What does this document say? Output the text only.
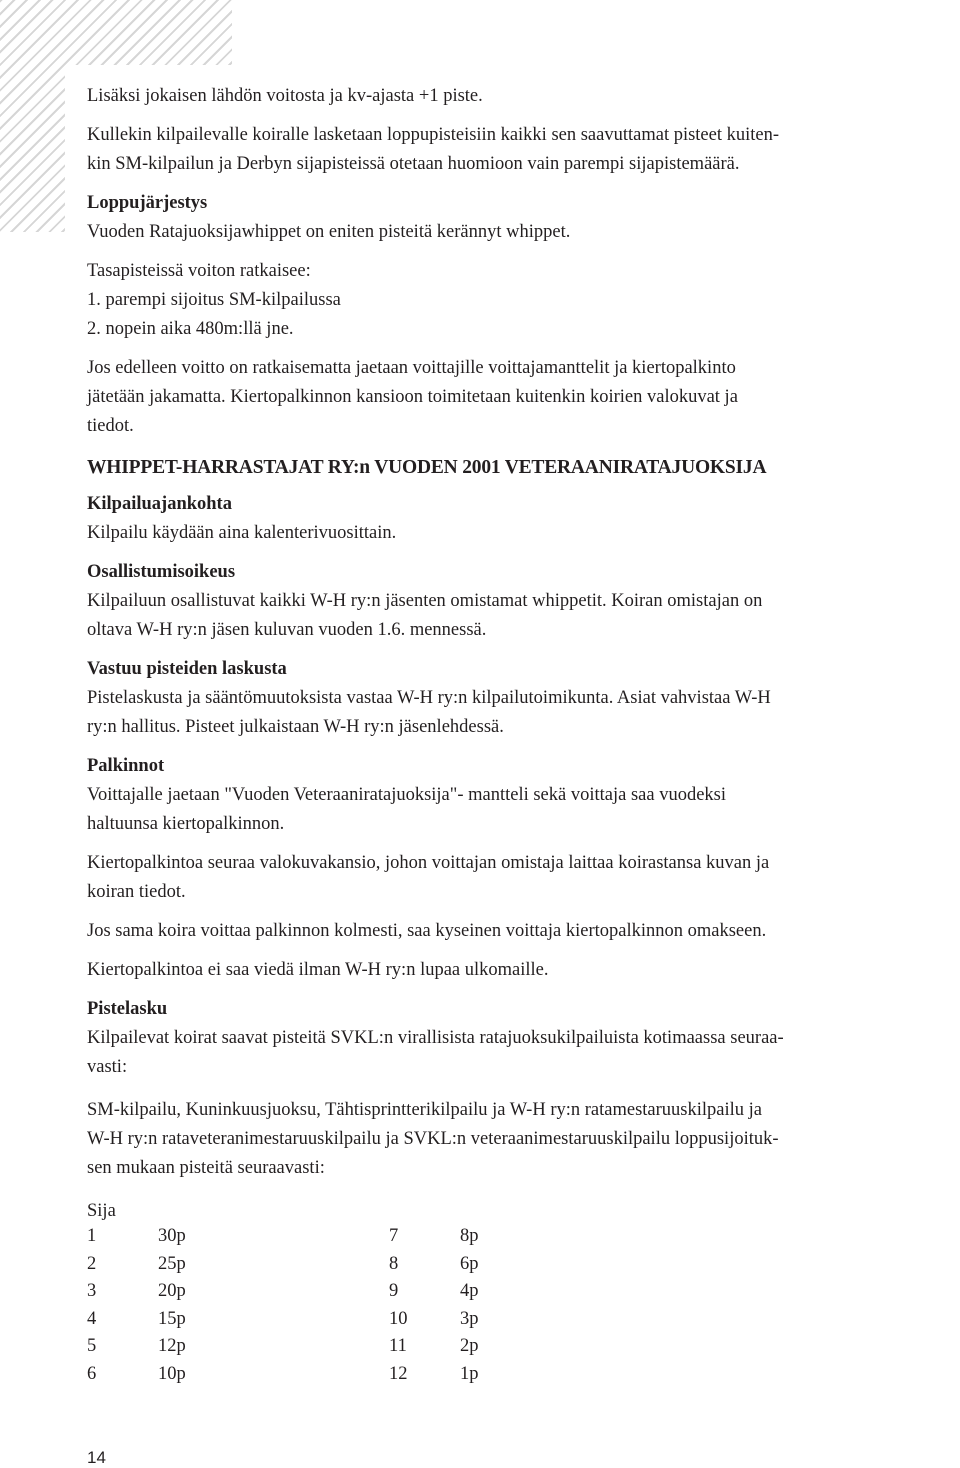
Lisäksi jokaisen lähdön voitosta ja kv-ajasta +1 piste.

Kullekin kilpailevalle koiralle lasketaan loppupisteisiin kaikki sen saavuttamat pisteet kuiten-

kin SM-kilpailun ja Derbyn sijapisteissä otetaan huomioon vain parempi sijapistemäärä.

Loppujärjestys

Vuoden Ratajuoksijawhippet on eniten pisteitä kerännyt whippet.

Tasapisteissä voiton ratkaisee:

1. parempi sijoitus SM-kilpailussa

2. nopein aika 480m:llä jne.

Jos edelleen voitto on ratkaisematta jaetaan voittajille voittajamanttelit ja kiertopalkinto

jätetään jakamatta. Kiertopalkinnon kansioon toimitetaan kuitenkin koirien valokuvat ja

tiedot.

WHIPPET-HARRASTAJAT RY:n VUODEN 2001 VETERAANIRATAJUOKSIJA

Kilpailuajankohta

Kilpailu käydään aina kalenterivuosittain.

Osallistumisoikeus

Kilpailuun osallistuvat kaikki W-H ry:n jäsenten omistamat whippetit. Koiran omistajan on

oltava W-H ry:n jäsen kuluvan vuoden 1.6. mennessä.

Vastuu pisteiden laskusta

Pistelaskusta ja sääntömuutoksista vastaa W-H ry:n kilpailutoimikunta. Asiat vahvistaa W-H

ry:n hallitus. Pisteet julkaistaan W-H ry:n jäsenlehdessä.

Palkinnot

Voittajalle jaetaan "Vuoden Veteraaniratajuoksija"- mantteli sekä voittaja saa vuodeksi

haltuunsa kiertopalkinnon.

Kiertopalkintoa seuraa valokuvakansio, johon voittajan omistaja laittaa koirastansa kuvan ja

koiran tiedot.

Jos sama koira voittaa palkinnon kolmesti, saa kyseinen voittaja kiertopalkinnon omakseen.

Kiertopalkintoa ei saa viedä ilman W-H ry:n lupaa ulkomaille.

Pistelasku

Kilpailevat koirat saavat pisteitä SVKL:n virallisista ratajuoksukilpailuista kotimaassa seuraa-

vasti:

SM-kilpailu, Kuninkuusjuoksu, Tähtisprintterikilpailu ja W-H ry:n ratamestaruuskilpailu ja

W-H ry:n rataveteranimestaruuskilpailu ja SVKL:n veteraanimestaruuskilpailu loppusijoituk-

sen mukaan pisteitä seuraavasti:

Sija

1	30p	7	8p
2	25p	8	6p
3	20p	9	4p
4	15p	10	3p
5	12p	11	2p
6	10p	12	1p
14
